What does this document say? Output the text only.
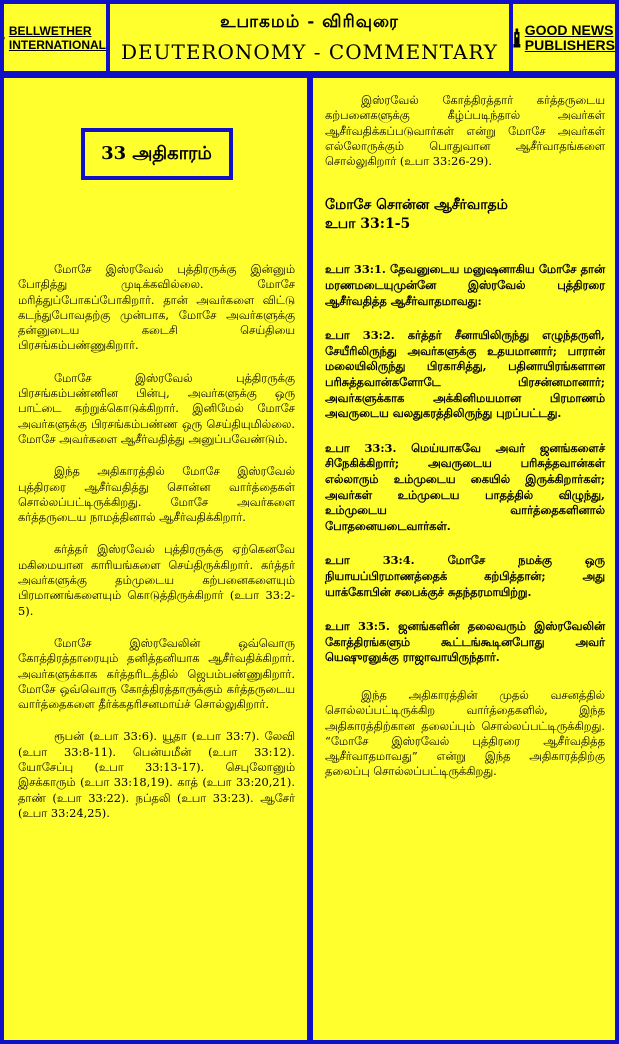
BELLWETHER
INTERNATIONAL
உபாகமம் - விரிவுரை
DEUTERONOMY - COMMENTARY
GOOD NEWS
PUBLISHERS
33 அதிகாரம்

மோசே இஸ்ரவேல் புத்திரருக்கு இன்னும் போதித்து முடிக்கவில்லை. மோசே மரித்துப்போகப்போகிறார். தான் அவர்களை விட்டு கடந்துபோவதற்கு முன்பாக, மோசே அவர்களுக்கு தன்னுடைய கடைசி செய்தியை பிரசங்கம்பண்ணுகிறார்.

மோசே இஸ்ரவேல் புத்திரருக்கு பிரசங்கம்பண்ணின பின்பு, அவர்களுக்கு ஒரு பாட்டை கற்றுக்கொடுக்கிறார். இனிமேல் மோசே அவர்களுக்கு பிரசங்கம்பண்ண ஒரு செய்தியுமில்லை. மோசே அவர்களை ஆசீர்வதித்து அனுப்பவேண்டும்.

இந்த அதிகாரத்தில் மோசே இஸ்ரவேல் புத்திரரை ஆசீர்வதித்து சொன்ன வார்த்தைகள் சொல்லப்பட்டிருக்கிறது. மோசே அவர்களை கர்த்தருடைய நாமத்தினால் ஆசீர்வதிக்கிறார்.

கர்த்தர் இஸ்ரவேல் புத்திரருக்கு ஏற்கெனவே மகிமையான காரியங்களை செய்திருக்கிறார். கர்த்தர் அவர்களுக்கு தம்முடைய கற்பனைகளையும் பிரமாணங்களையும் கொடுத்திருக்கிறார் (உபா 33:2-5).

மோசே இஸ்ரவேலின் ஒவ்வொரு கோத்திரத்தாரையும் தனித்தனியாக ஆசீர்வதிக்கிறார். அவர்களுக்காக கர்த்தரிடத்தில் ஜெபம்பண்ணுகிறார். மோசே ஒவ்வொரு கோத்திரத்தாருக்கும் கர்த்தருடைய வார்த்தைகளை தீர்க்கதரிசனமாய்ச் சொல்லுகிறார்.

ரூபன் (உபா 33:6). யூதா (உபா 33:7). லேவி (உபா 33:8-11). பென்யமீன் (உபா 33:12). யோசேப்பு (உபா 33:13-17). செபுலோனும் இசக்காரும் (உபா 33:18,19). காத் (உபா 33:20,21). தாண் (உபா 33:22). நப்தலி (உபா 33:23). ஆசேர் (உபா 33:24,25).

இஸ்ரவேல் கோத்திரத்தார் கர்த்தருடைய கற்பனைகளுக்கு கீழ்ப்படிந்தால் அவர்கள் ஆசீர்வதிக்கப்படுவார்கள் என்று மோசே அவர்கள் எல்லோருக்கும் பொதுவான ஆசீர்வாதங்களை சொல்லுகிறார் (உபா 33:26-29).

மோசே சொன்ன ஆசீர்வாதம்
உபா 33:1-5

உபா 33:1. தேவனுடைய மனுஷனாகிய மோசே தான் மரணமடையுமுன்னே இஸ்ரவேல் புத்திரரை ஆசீர்வதித்த ஆசீர்வாதமாவது:

உபா 33:2. கர்த்தர் சீனாயிலிருந்து எழுந்தருளி, சேயீரிலிருந்து அவர்களுக்கு உதயமானார்; பாரான் மலையிலிருந்து பிரகாசித்து, பதினாயிரங்களான பரிசுத்தவான்களோடே பிரசன்னமானார்; அவர்களுக்காக அக்கினிமயமான பிரமாணம் அவருடைய வலதுகரத்திலிருந்து புறப்பட்டது.

உபா 33:3. மெய்யாகவே அவர் ஜனங்களைச் சிநேகிக்கிறார்; அவருடைய பரிசுத்தவான்கள் எல்லாரும் உம்முடைய கையில் இருக்கிறார்கள்; அவர்கள் உம்முடைய பாதத்தில் விழுந்து, உம்முடைய வார்த்தைகளினால் போதனையடைவார்கள்.

உபா 33:4. மோசே நமக்கு ஒரு நியாயப்பிரமாணத்தைக் கற்பித்தான்; அது யாக்கோபின் சபைக்குச் சுதந்தரமாயிற்று.

உபா 33:5. ஜனங்களின் தலைவரும் இஸ்ரவேலின் கோத்திரங்களும் கூட்டங்கூடினபோது அவர் யெஷுரனுக்கு ராஜாவாயிருந்தார்.

இந்த அதிகாரத்தின் முதல் வசனத்தில் சொல்லப்பட்டிருக்கிற வார்த்தைகளில், இந்த அதிகாரத்திற்கான தலைப்பும் சொல்லப்பட்டிருக்கிறது. “மோசே இஸ்ரவேல் புத்திரரை ஆசீர்வதித்த ஆசீர்வாதமாவது” என்று இந்த அதிகாரத்திற்கு தலைப்பு சொல்லப்பட்டிருக்கிறது.
